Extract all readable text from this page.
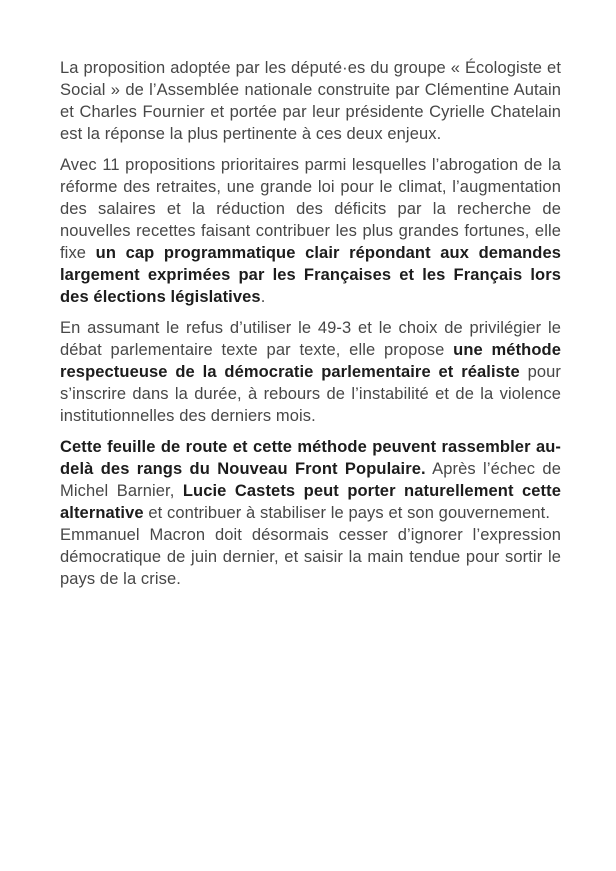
La proposition adoptée par les député·es du groupe « Écologiste et Social » de l’Assemblée nationale construite par Clémentine Autain et Charles Fournier et portée par leur présidente Cyrielle Chatelain est la réponse la plus pertinente à ces deux enjeux.

Avec 11 propositions prioritaires parmi lesquelles l’abrogation de la réforme des retraites, une grande loi pour le climat, l’augmentation des salaires et la réduction des déficits par la recherche de nouvelles recettes faisant contribuer les plus grandes fortunes, elle fixe un cap programmatique clair répondant aux demandes largement exprimées par les Françaises et les Français lors des élections législatives.

En assumant le refus d’utiliser le 49-3 et le choix de privilégier le débat parlementaire texte par texte, elle propose une méthode respectueuse de la démocratie parlementaire et réaliste pour s’inscrire dans la durée, à rebours de l’instabilité et de la violence institutionnelles des derniers mois.

Cette feuille de route et cette méthode peuvent rassembler au-delà des rangs du Nouveau Front Populaire. Après l’échec de Michel Barnier, Lucie Castets peut porter naturellement cette alternative et contribuer à stabiliser le pays et son gouvernement.
Emmanuel Macron doit désormais cesser d’ignorer l’expression démocratique de juin dernier, et saisir la main tendue pour sortir le pays de la crise.
